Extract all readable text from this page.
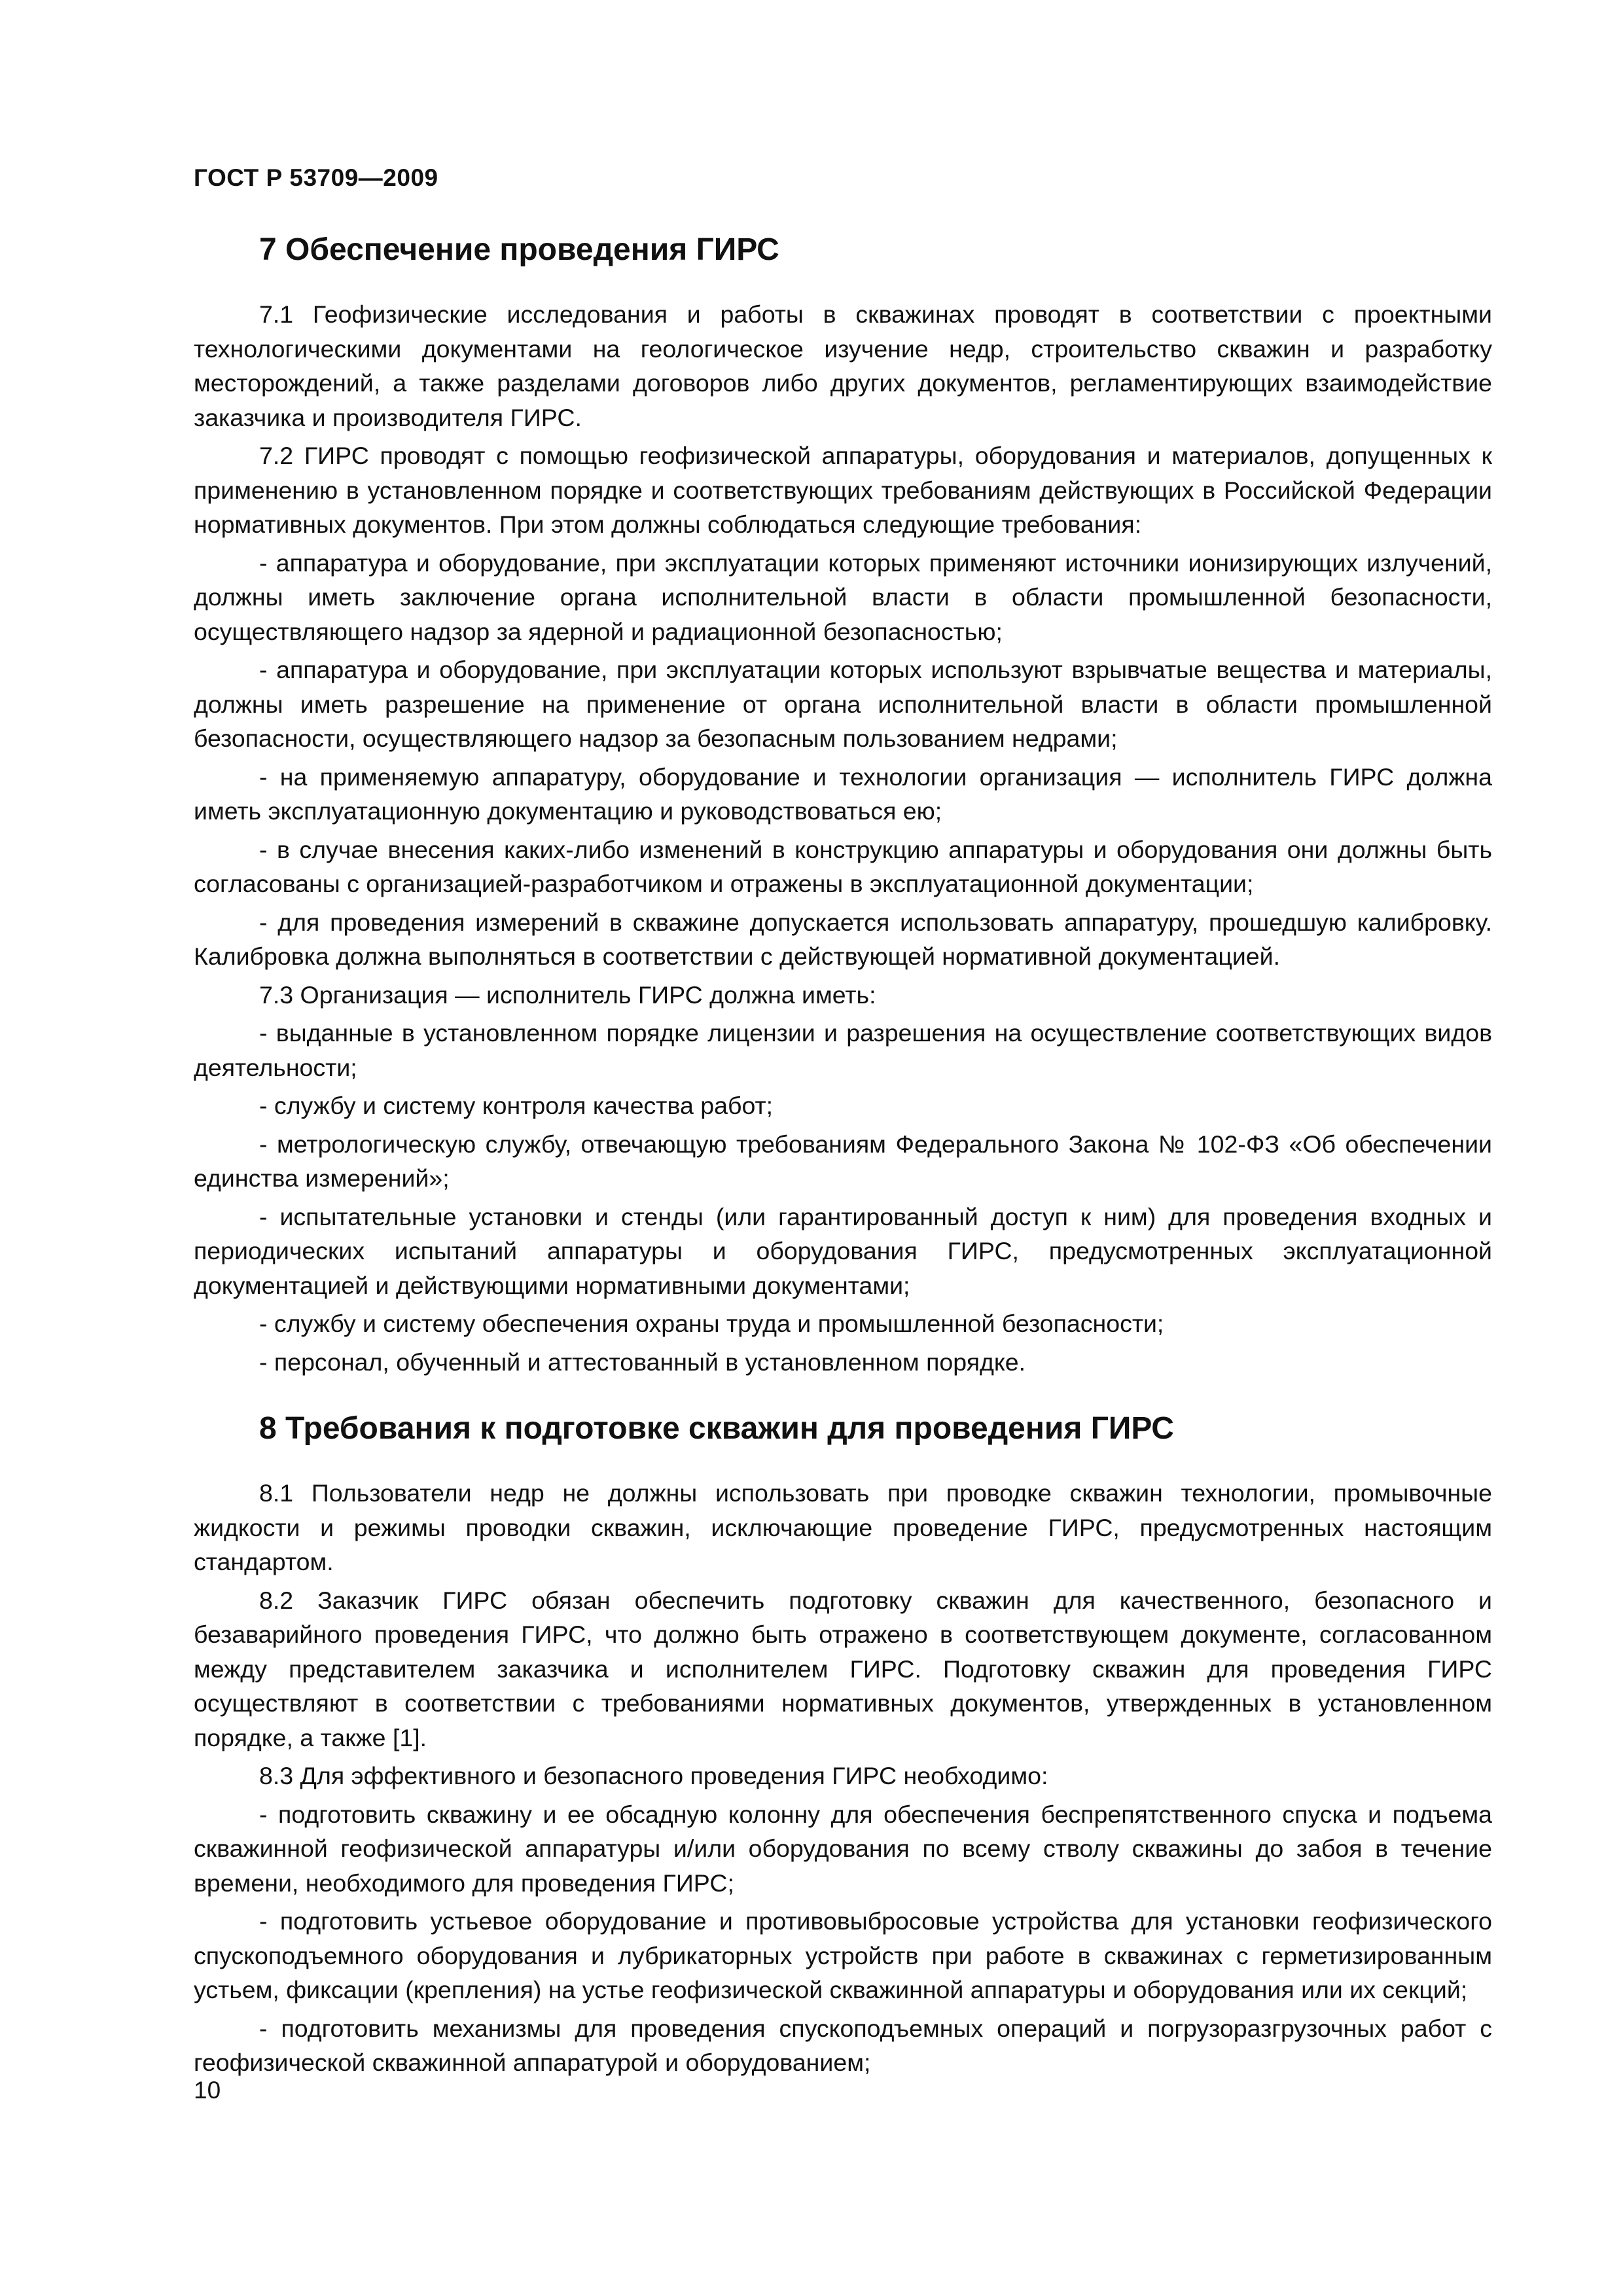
ГОСТ Р 53709—2009
7 Обеспечение проведения ГИРС

7.1 Геофизические исследования и работы в скважинах проводят в соответствии с проектными технологическими документами на геологическое изучение недр, строительство скважин и разработку месторождений, а также разделами договоров либо других документов, регламентирующих взаимодействие заказчика и производителя ГИРС.

7.2 ГИРС проводят с помощью геофизической аппаратуры, оборудования и материалов, допущенных к применению в установленном порядке и соответствующих требованиям действующих в Российской Федерации нормативных документов. При этом должны соблюдаться следующие требования:

- аппаратура и оборудование, при эксплуатации которых применяют источники ионизирующих излучений, должны иметь заключение органа исполнительной власти в области промышленной безопасности, осуществляющего надзор за ядерной и радиационной безопасностью;

- аппаратура и оборудование, при эксплуатации которых используют взрывчатые вещества и материалы, должны иметь разрешение на применение от органа исполнительной власти в области промышленной безопасности, осуществляющего надзор за безопасным пользованием недрами;

- на применяемую аппаратуру, оборудование и технологии организация — исполнитель ГИРС должна иметь эксплуатационную документацию и руководствоваться ею;

- в случае внесения каких-либо изменений в конструкцию аппаратуры и оборудования они должны быть согласованы с организацией-разработчиком и отражены в эксплуатационной документации;

- для проведения измерений в скважине допускается использовать аппаратуру, прошедшую калибровку. Калибровка должна выполняться в соответствии с действующей нормативной документацией.

7.3 Организация — исполнитель ГИРС должна иметь:

- выданные в установленном порядке лицензии и разрешения на осуществление соответствующих видов деятельности;

- службу и систему контроля качества работ;

- метрологическую службу, отвечающую требованиям Федерального Закона № 102-ФЗ «Об обеспечении единства измерений»;

- испытательные установки и стенды (или гарантированный доступ к ним) для проведения входных и периодических испытаний аппаратуры и оборудования ГИРС, предусмотренных эксплуатационной документацией и действующими нормативными документами;

- службу и систему обеспечения охраны труда и промышленной безопасности;

- персонал, обученный и аттестованный в установленном порядке.

8 Требования к подготовке скважин для проведения ГИРС

8.1 Пользователи недр не должны использовать при проводке скважин технологии, промывочные жидкости и режимы проводки скважин, исключающие проведение ГИРС, предусмотренных настоящим стандартом.

8.2 Заказчик ГИРС обязан обеспечить подготовку скважин для качественного, безопасного и безаварийного проведения ГИРС, что должно быть отражено в соответствующем документе, согласованном между представителем заказчика и исполнителем ГИРС. Подготовку скважин для проведения ГИРС осуществляют в соответствии с требованиями нормативных документов, утвержденных в установленном порядке, а также [1].

8.3 Для эффективного и безопасного проведения ГИРС необходимо:

- подготовить скважину и ее обсадную колонну для обеспечения беспрепятственного спуска и подъема скважинной геофизической аппаратуры и/или оборудования по всему стволу скважины до забоя в течение времени, необходимого для проведения ГИРС;

- подготовить устьевое оборудование и противовыбросовые устройства для установки геофизического спускоподъемного оборудования и лубрикаторных устройств при работе в скважинах с герметизированным устьем, фиксации (крепления) на устье геофизической скважинной аппаратуры и оборудования или их секций;

- подготовить механизмы для проведения спускоподъемных операций и погрузоразгрузочных работ с геофизической скважинной аппаратурой и оборудованием;

10
